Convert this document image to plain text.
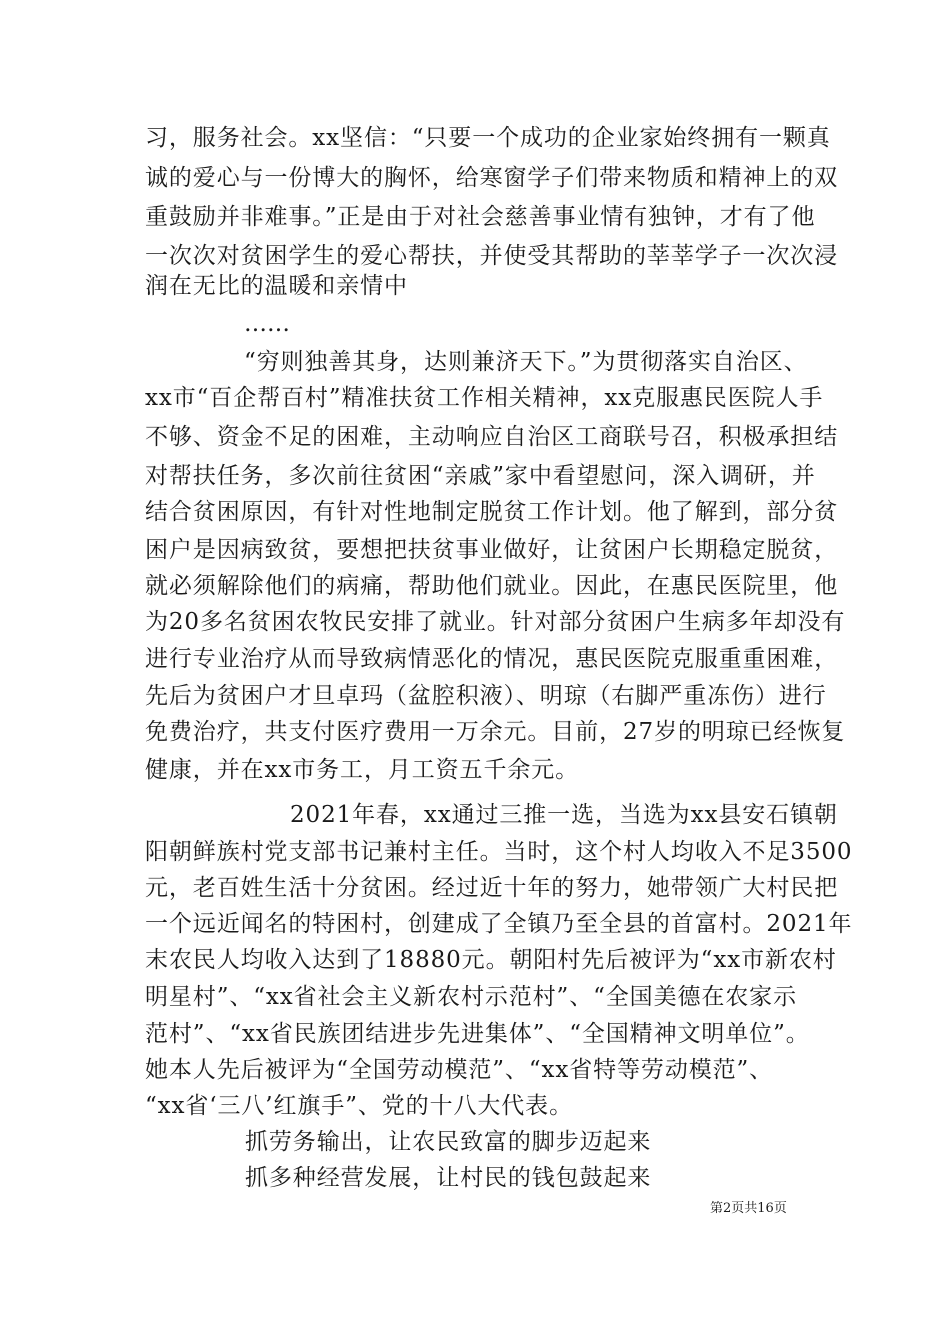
习，服务社会。xx坚信：“只要一个成功的企业家始终拥有一颗真
诚的爱心与一份博大的胸怀，给寒窗学子们带来物质和精神上的双
重鼓励并非难事。”正是由于对社会慈善事业情有独钟，才有了他
一次次对贫困学生的爱心帮扶，并使受其帮助的莘莘学子一次次浸
润在无比的温暖和亲情中
……
“穷则独善其身，达则兼济天下。”为贯彻落实自治区、
xx市“百企帮百村”精准扶贫工作相关精神，xx克服惠民医院人手
不够、资金不足的困难，主动响应自治区工商联号召，积极承担结
对帮扶任务，多次前往贫困“亲戚”家中看望慰问，深入调研，并
结合贫困原因，有针对性地制定脱贫工作计划。他了解到，部分贫
困户是因病致贫，要想把扶贫事业做好，让贫困户长期稳定脱贫，
就必须解除他们的病痛，帮助他们就业。因此，在惠民医院里，他
为20多名贫困农牧民安排了就业。针对部分贫困户生病多年却没有
进行专业治疗从而导致病情恶化的情况，惠民医院克服重重困难，
先后为贫困户才旦卓玛（盆腔积液）、明琼（右脚严重冻伤）进行
免费治疗，共支付医疗费用一万余元。目前，27岁的明琼已经恢复
健康，并在xx市务工，月工资五千余元。
2021年春，xx通过三推一选，当选为xx县安石镇朝
阳朝鲜族村党支部书记兼村主任。当时，这个村人均收入不足3500
元，老百姓生活十分贫困。经过近十年的努力，她带领广大村民把
一个远近闻名的特困村，创建成了全镇乃至全县的首富村。2021年
末农民人均收入达到了18880元。朝阳村先后被评为“xx市新农村
明星村”、“xx省社会主义新农村示范村”、“全国美德在农家示
范村”、“xx省民族团结进步先进集体”、“全国精神文明单位”。
她本人先后被评为“全国劳动模范”、“xx省特等劳动模范”、
“xx省‘三八’红旗手”、党的十八大代表。
抓劳务输出，让农民致富的脚步迈起来
抓多种经营发展，让村民的钱包鼓起来
第2页共16页
